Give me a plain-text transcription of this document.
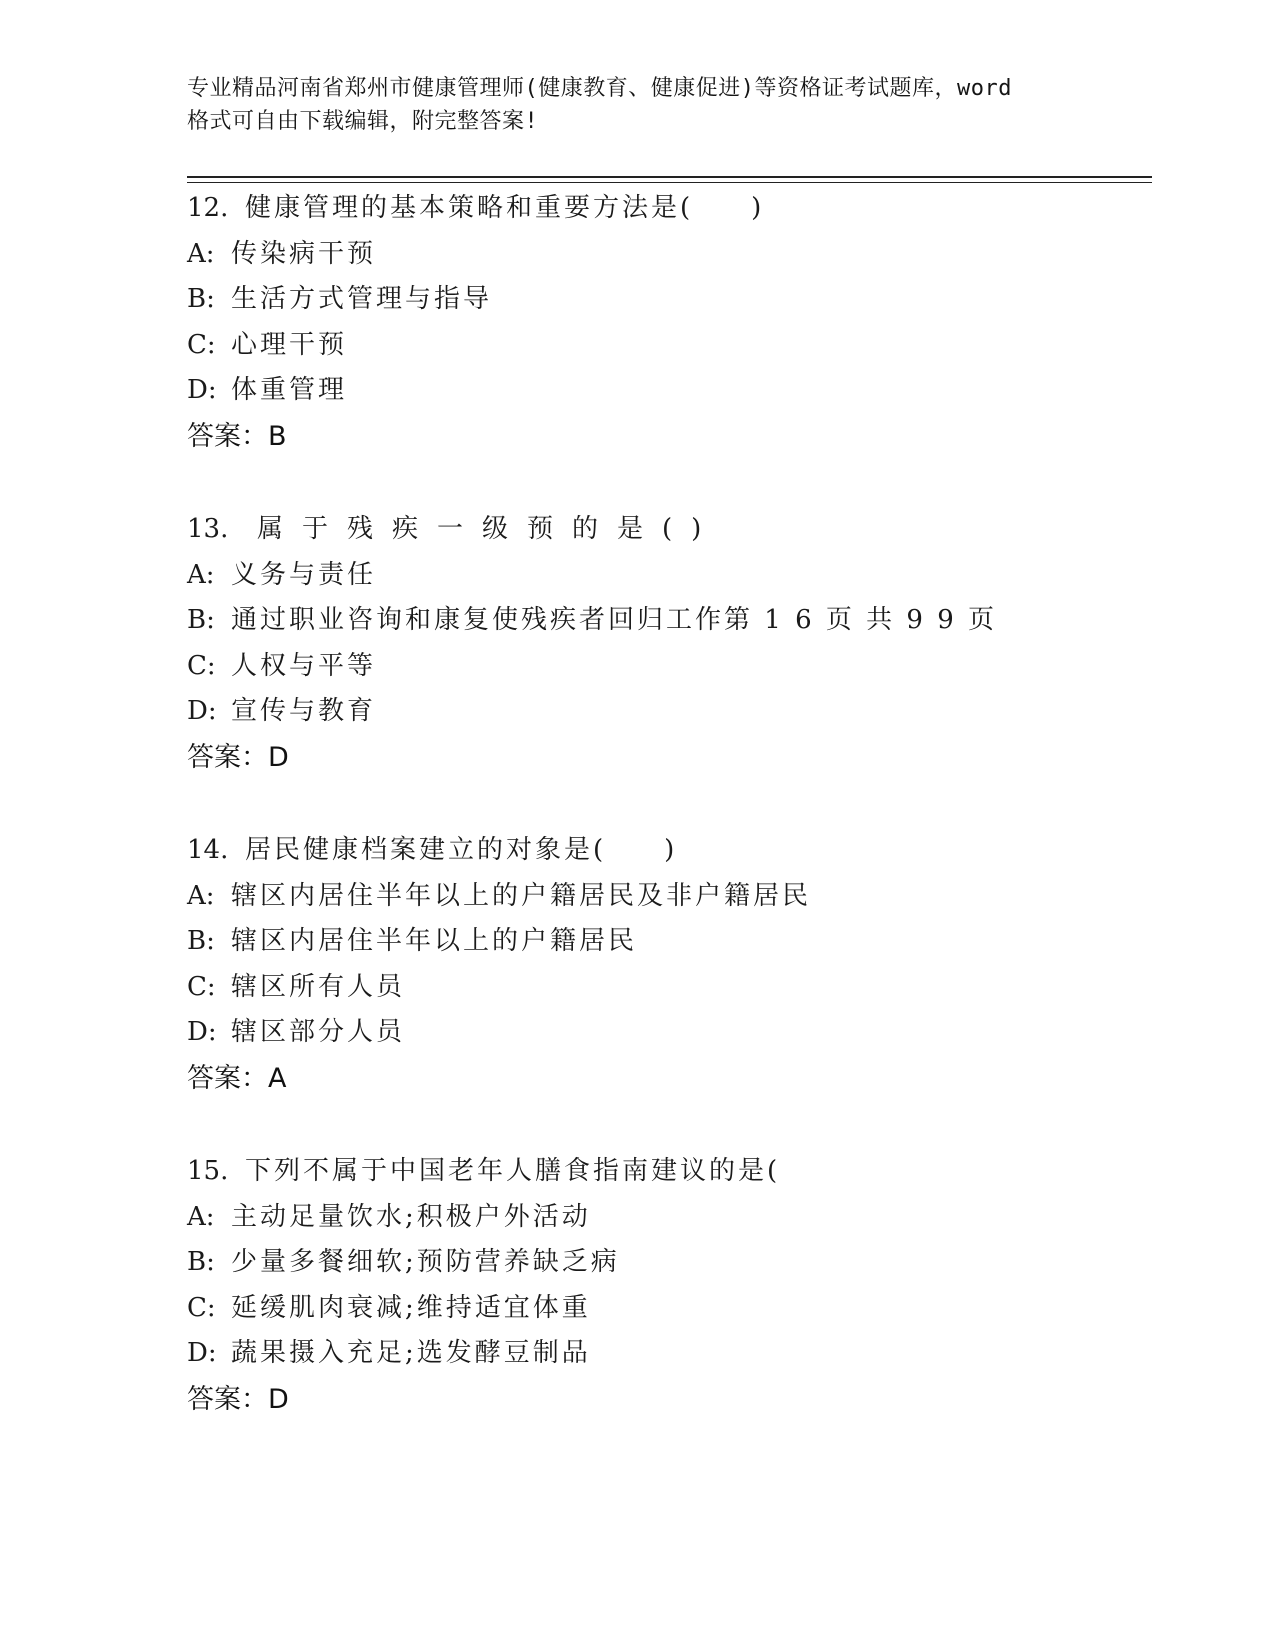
专业精品河南省郑州市健康管理师(健康教育、健康促进)等资格证考试题库，word
格式可自由下载编辑，附完整答案!
12. 健康管理的基本策略和重要方法是(　　)
A: 传染病干预
B: 生活方式管理与指导
C: 心理干预
D: 体重管理
答案：B
13. 属于残疾一级预的是()
A: 义务与责任
B: 通过职业咨询和康复使残疾者回归工作第 1 6 页 共 9 9 页
C: 人权与平等
D: 宣传与教育
答案：D
14. 居民健康档案建立的对象是(　　)
A: 辖区内居住半年以上的户籍居民及非户籍居民
B: 辖区内居住半年以上的户籍居民
C: 辖区所有人员
D: 辖区部分人员
答案：A
15. 下列不属于中国老年人膳食指南建议的是(
A: 主动足量饮水;积极户外活动
B: 少量多餐细软;预防营养缺乏病
C: 延缓肌肉衰减;维持适宜体重
D: 蔬果摄入充足;选发酵豆制品
答案：D
